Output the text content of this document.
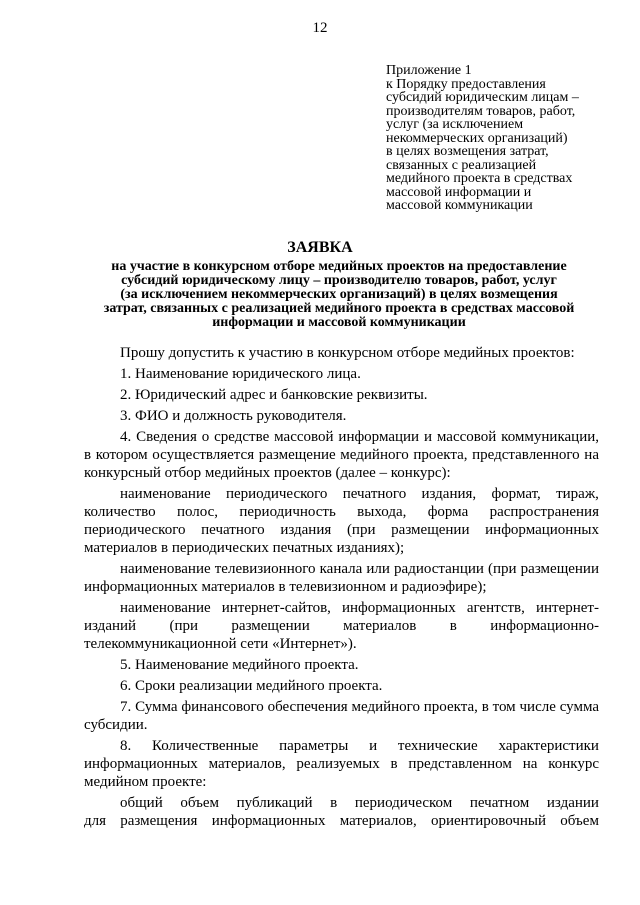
12
Приложение 1
к Порядку предоставления
субсидий юридическим лицам –
производителям товаров, работ,
услуг (за исключением
некоммерческих организаций)
в целях возмещения затрат,
связанных с реализацией
медийного проекта в средствах
массовой информации и
массовой коммуникации
ЗАЯВКА
на участие в конкурсном отборе медийных проектов на предоставление
субсидий юридическому лицу – производителю товаров, работ, услуг
(за исключением некоммерческих организаций) в целях возмещения
затрат, связанных с реализацией медийного проекта в средствах массовой
информации и массовой коммуникации
Прошу допустить к участию в конкурсном отборе медийных проектов:
1. Наименование юридического лица.
2. Юридический адрес и банковские реквизиты.
3. ФИО и должность руководителя.
4. Сведения о средстве массовой информации и массовой коммуникации, в котором осуществляется размещение медийного проекта, представленного на конкурсный отбор медийных проектов (далее – конкурс):
наименование периодического печатного издания, формат, тираж,
количество полос, периодичность выхода, форма распространения
периодического печатного издания (при размещении информационных
материалов в периодических печатных изданиях);
наименование телевизионного канала или радиостанции (при размещении информационных материалов в телевизионном и радиоэфире);
наименование интернет-сайтов, информационных агентств, интернет-
изданий (при размещении материалов в информационно-
телекоммуникационной сети «Интернет»).
5. Наименование медийного проекта.
6. Сроки реализации медийного проекта.
7. Сумма финансового обеспечения медийного проекта, в том числе сумма субсидии.
8. Количественные параметры и технические характеристики
информационных материалов, реализуемых в представленном на конкурс медийном проекте:
общий объем публикаций в периодическом печатном издании
для размещения информационных материалов, ориентировочный объем
